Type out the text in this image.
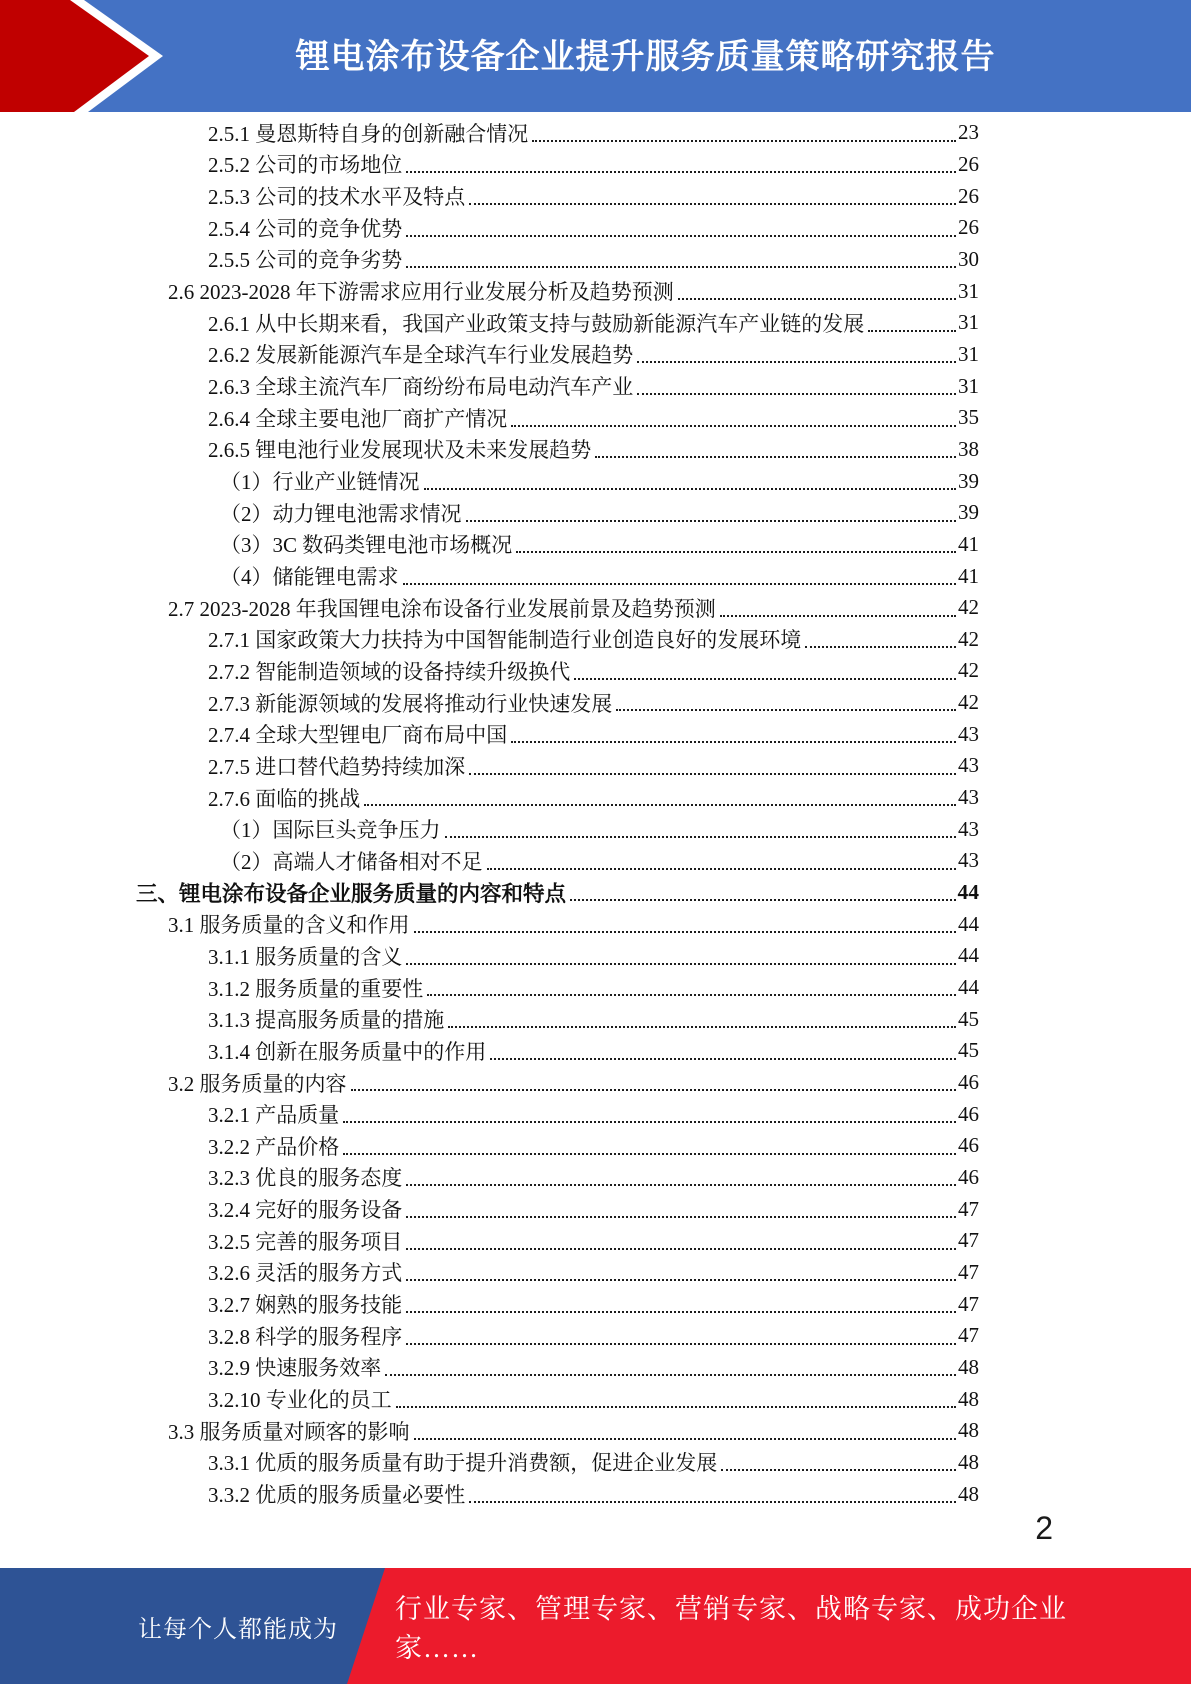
锂电涂布设备企业提升服务质量策略研究报告
2.5.1 曼恩斯特自身的创新融合情况	23
2.5.2 公司的市场地位	26
2.5.3 公司的技术水平及特点	26
2.5.4 公司的竞争优势	26
2.5.5 公司的竞争劣势	30
2.6 2023-2028 年下游需求应用行业发展分析及趋势预测	31
2.6.1 从中长期来看，我国产业政策支持与鼓励新能源汽车产业链的发展	31
2.6.2 发展新能源汽车是全球汽车行业发展趋势	31
2.6.3 全球主流汽车厂商纷纷布局电动汽车产业	31
2.6.4 全球主要电池厂商扩产情况	35
2.6.5 锂电池行业发展现状及未来发展趋势	38
（1）行业产业链情况	39
（2）动力锂电池需求情况	39
（3）3C 数码类锂电池市场概况	41
（4）储能锂电需求	41
2.7 2023-2028 年我国锂电涂布设备行业发展前景及趋势预测	42
2.7.1 国家政策大力扶持为中国智能制造行业创造良好的发展环境	42
2.7.2 智能制造领域的设备持续升级换代	42
2.7.3 新能源领域的发展将推动行业快速发展	42
2.7.4 全球大型锂电厂商布局中国	43
2.7.5 进口替代趋势持续加深	43
2.7.6 面临的挑战	43
（1）国际巨头竞争压力	43
（2）高端人才储备相对不足	43
三、锂电涂布设备企业服务质量的内容和特点	44
3.1 服务质量的含义和作用	44
3.1.1 服务质量的含义	44
3.1.2 服务质量的重要性	44
3.1.3 提高服务质量的措施	45
3.1.4 创新在服务质量中的作用	45
3.2 服务质量的内容	46
3.2.1 产品质量	46
3.2.2 产品价格	46
3.2.3 优良的服务态度	46
3.2.4 完好的服务设备	47
3.2.5 完善的服务项目	47
3.2.6 灵活的服务方式	47
3.2.7 娴熟的服务技能	47
3.2.8 科学的服务程序	47
3.2.9 快速服务效率	48
3.2.10 专业化的员工	48
3.3 服务质量对顾客的影响	48
3.3.1 优质的服务质量有助于提升消费额，促进企业发展	48
3.3.2 优质的服务质量必要性	48
2
让每个人都能成为
行业专家、管理专家、营销专家、战略专家、成功企业家……
